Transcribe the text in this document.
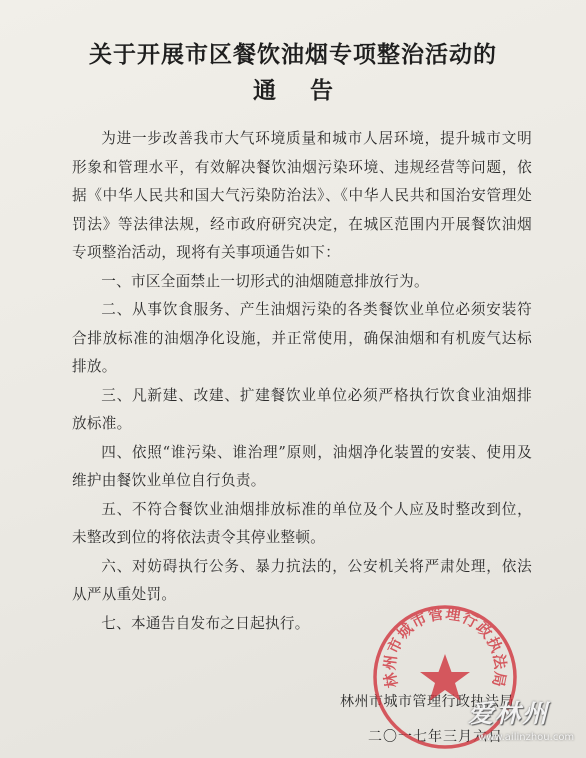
关于开展市区餐饮油烟专项整治活动的
通告

为进一步改善我市大气环境质量和城市人居环境，提升城市文明形象和管理水平，有效解决餐饮油烟污染环境、违规经营等问题，依据《中华人民共和国大气污染防治法》、《中华人民共和国治安管理处罚法》等法律法规，经市政府研究决定，在城区范围内开展餐饮油烟专项整治活动，现将有关事项通告如下：

一、市区全面禁止一切形式的油烟随意排放行为。

二、从事饮食服务、产生油烟污染的各类餐饮业单位必须安装符合排放标准的油烟净化设施，并正常使用，确保油烟和有机废气达标排放。

三、凡新建、改建、扩建餐饮业单位必须严格执行饮食业油烟排放标准。

四、依照“谁污染、谁治理”原则，油烟净化装置的安装、使用及维护由餐饮业单位自行负责。

五、不符合餐饮业油烟排放标准的单位及个人应及时整改到位，未整改到位的将依法责令其停业整顿。

六、对妨碍执行公务、暴力抗法的，公安机关将严肃处理，依法从严从重处罚。

七、本通告自发布之日起执行。

林州市城市管理行政执法局
二〇一七年三月六日
林州市城市管理行政执法局
爱林州
www.ailinzhou.com
